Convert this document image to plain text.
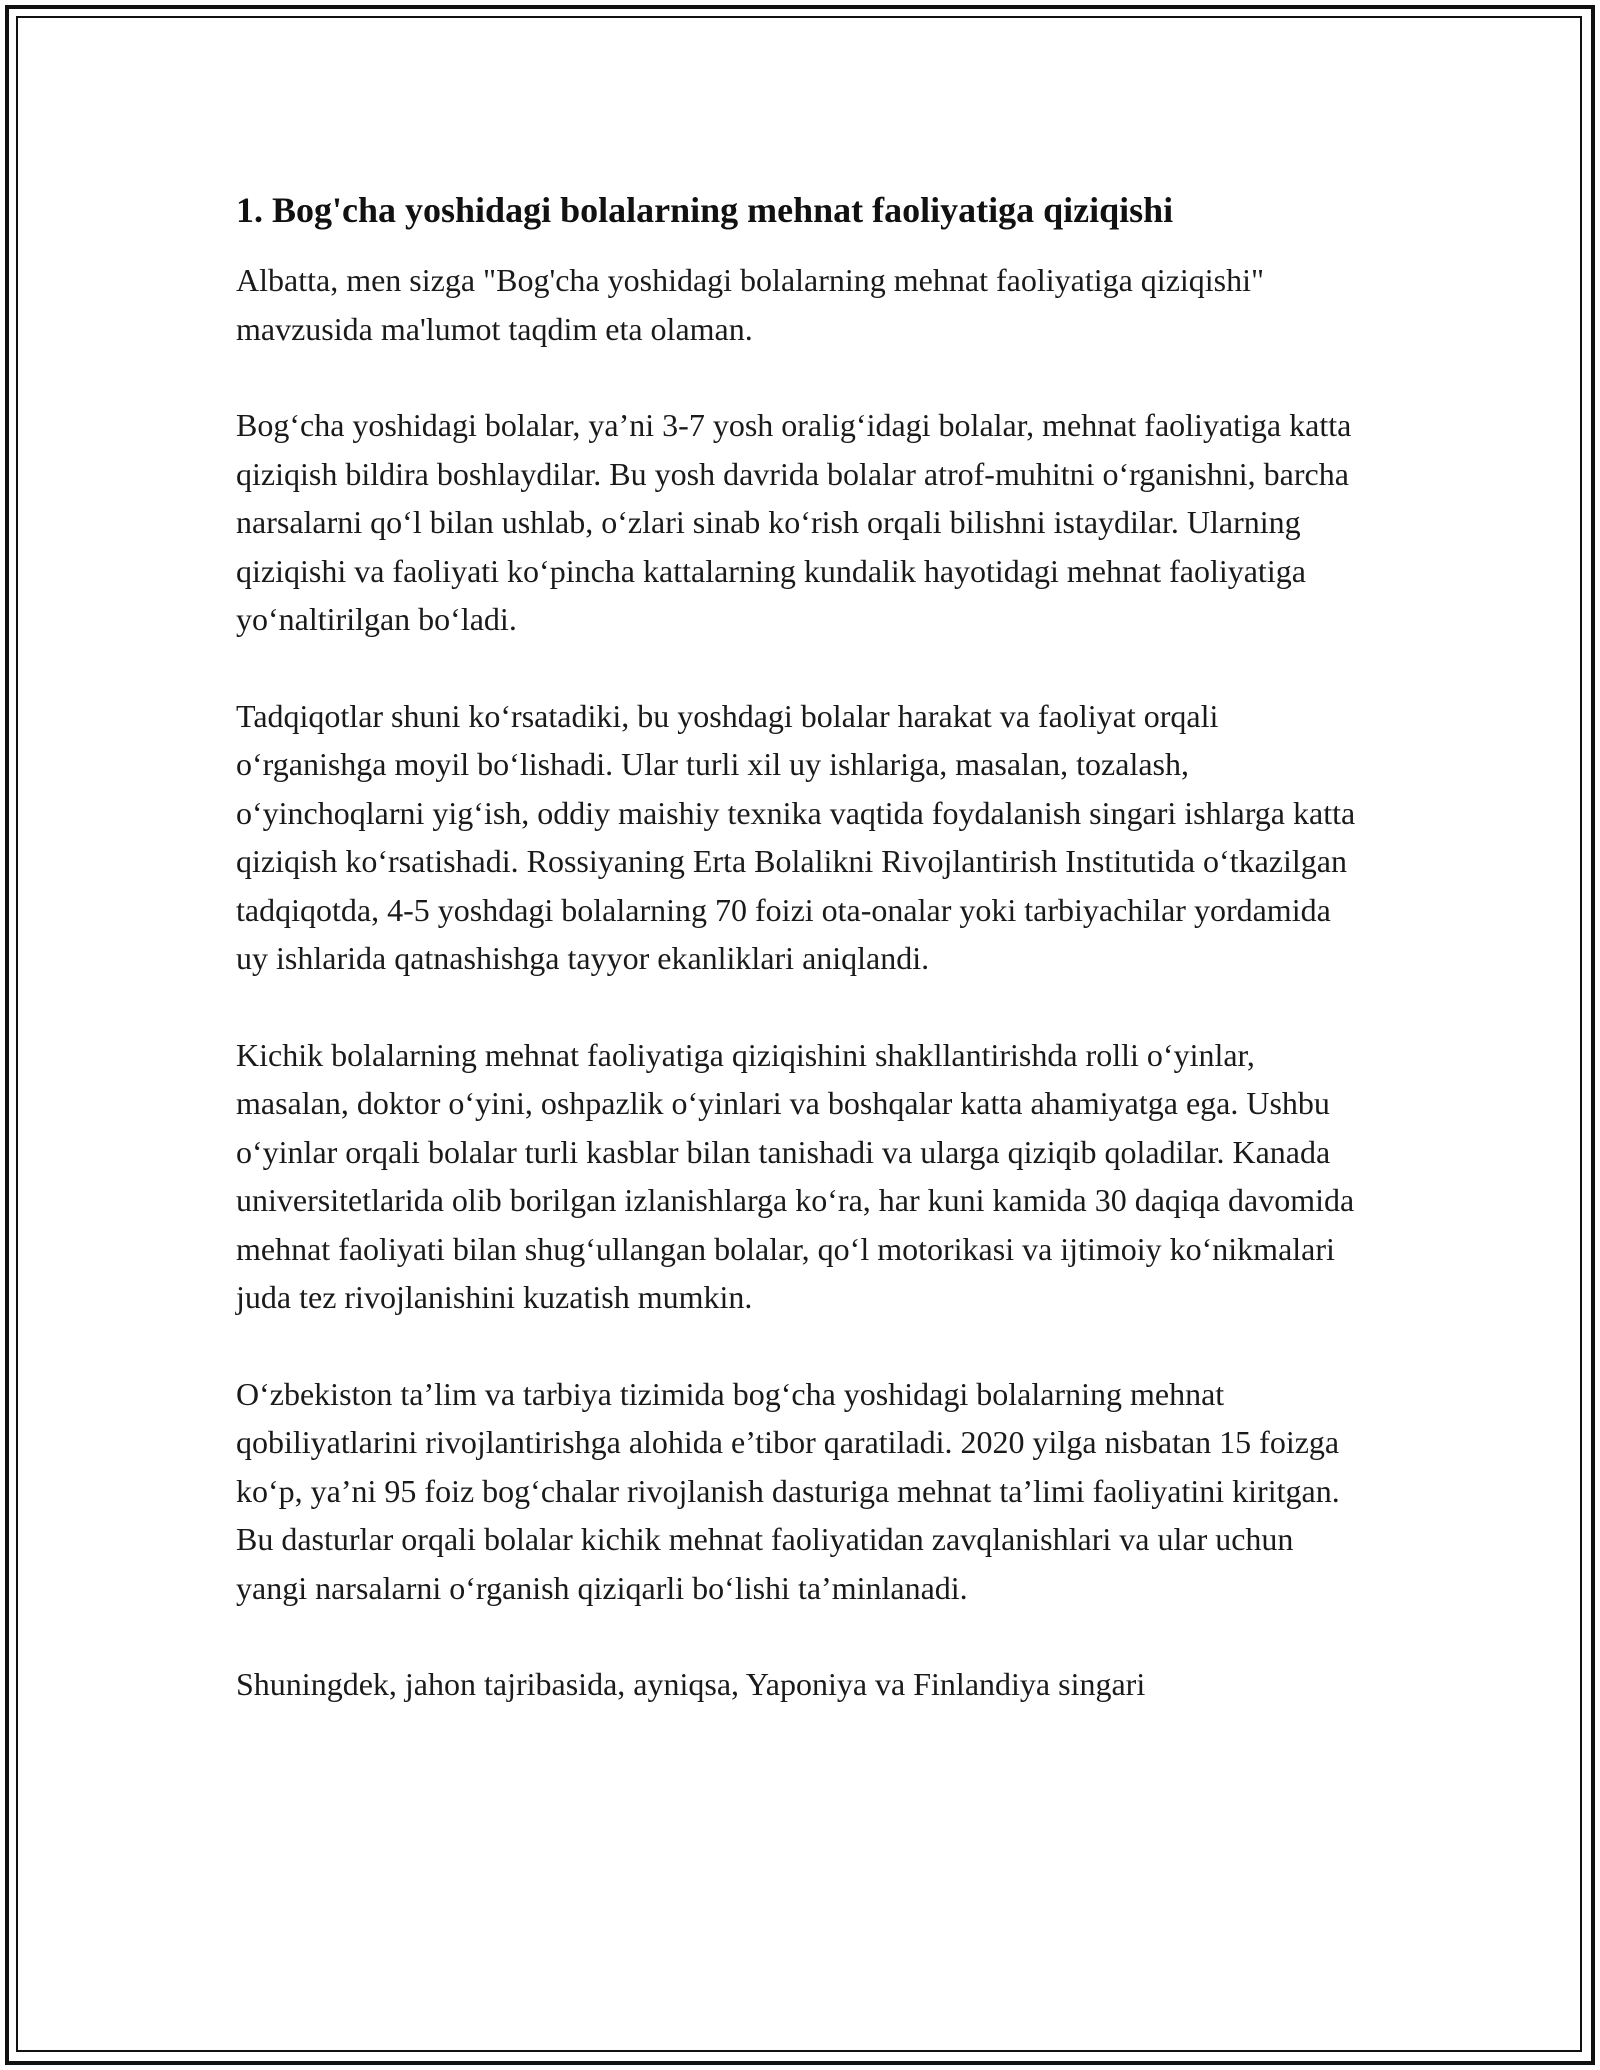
1. Bog'cha yoshidagi bolalarning mehnat faoliyatiga qiziqishi

Albatta, men sizga "Bog'cha yoshidagi bolalarning mehnat faoliyatiga qiziqishi" mavzusida ma'lumot taqdim eta olaman.

Bog‘cha yoshidagi bolalar, ya’ni 3-7 yosh oralig‘idagi bolalar, mehnat faoliyatiga katta qiziqish bildira boshlaydilar. Bu yosh davrida bolalar atrof-muhitni o‘rganishni, barcha narsalarni qo‘l bilan ushlab, o‘zlari sinab ko‘rish orqali bilishni istaydilar. Ularning qiziqishi va faoliyati ko‘pincha kattalarning kundalik hayotidagi mehnat faoliyatiga yo‘naltirilgan bo‘ladi.

Tadqiqotlar shuni ko‘rsatadiki, bu yoshdagi bolalar harakat va faoliyat orqali o‘rganishga moyil bo‘lishadi. Ular turli xil uy ishlariga, masalan, tozalash, o‘yinchoqlarni yig‘ish, oddiy maishiy texnika vaqtida foydalanish singari ishlarga katta qiziqish ko‘rsatishadi. Rossiyaning Erta Bolalikni Rivojlantirish Institutida o‘tkazilgan tadqiqotda, 4-5 yoshdagi bolalarning 70 foizi ota-onalar yoki tarbiyachilar yordamida uy ishlarida qatnashishga tayyor ekanliklari aniqlandi.

Kichik bolalarning mehnat faoliyatiga qiziqishini shakllantirishda rolli o‘yinlar, masalan, doktor o‘yini, oshpazlik o‘yinlari va boshqalar katta ahamiyatga ega. Ushbu o‘yinlar orqali bolalar turli kasblar bilan tanishadi va ularga qiziqib qoladilar. Kanada universitetlarida olib borilgan izlanishlarga ko‘ra, har kuni kamida 30 daqiqa davomida mehnat faoliyati bilan shug‘ullangan bolalar, qo‘l motorikasi va ijtimoiy ko‘nikmalari juda tez rivojlanishini kuzatish mumkin.

O‘zbekiston ta’lim va tarbiya tizimida bog‘cha yoshidagi bolalarning mehnat qobiliyatlarini rivojlantirishga alohida e’tibor qaratiladi. 2020 yilga nisbatan 15 foizga ko‘p, ya’ni 95 foiz bog‘chalar rivojlanish dasturiga mehnat ta’limi faoliyatini kiritgan. Bu dasturlar orqali bolalar kichik mehnat faoliyatidan zavqlanishlari va ular uchun yangi narsalarni o‘rganish qiziqarli bo‘lishi ta’minlanadi.

Shuningdek, jahon tajribasida, ayniqsa, Yaponiya va Finlandiya singari
